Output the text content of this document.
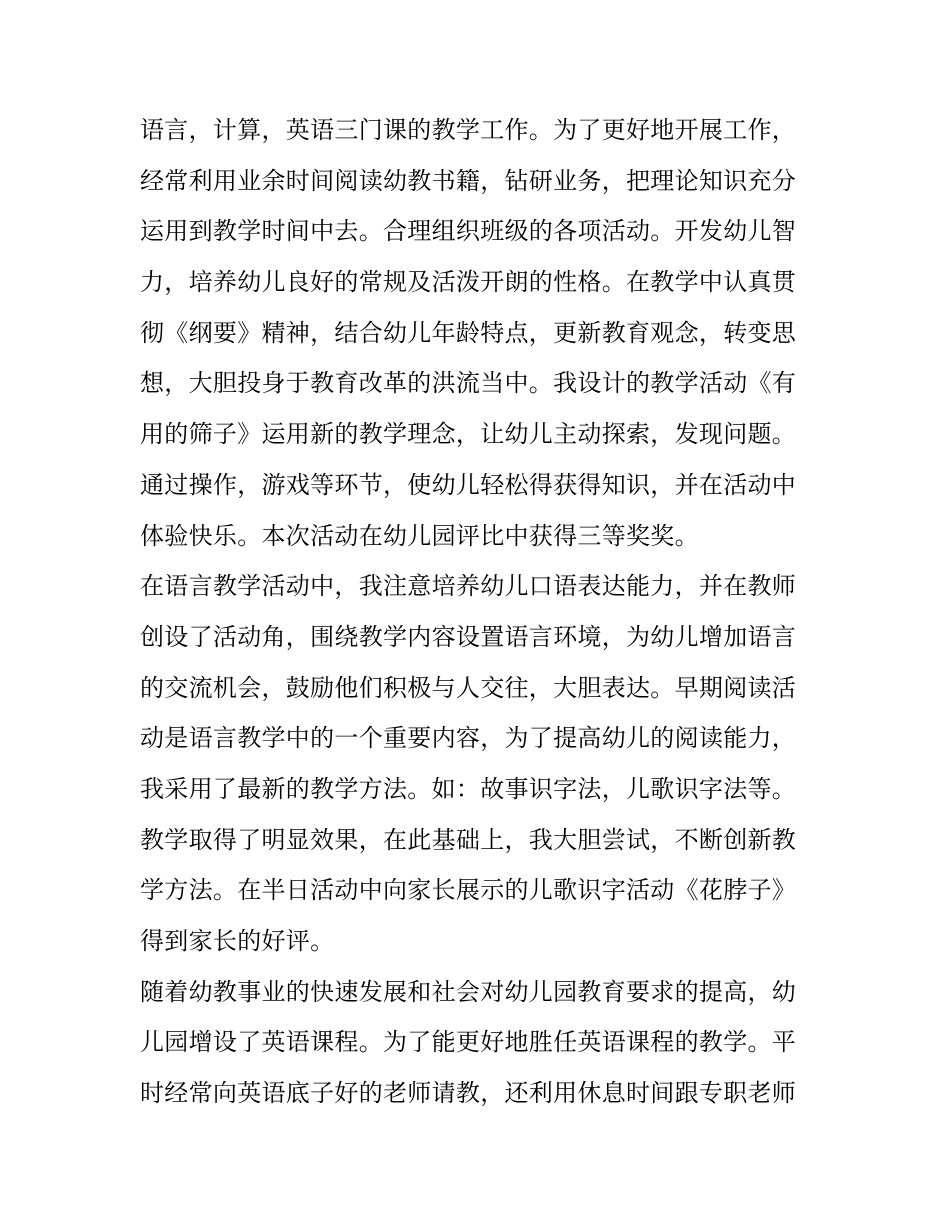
语言，计算，英语三门课的教学工作。为了更好地开展工作，
经常利用业余时间阅读幼教书籍，钻研业务，把理论知识充分
运用到教学时间中去。合理组织班级的各项活动。开发幼儿智
力，培养幼儿良好的常规及活泼开朗的性格。在教学中认真贯
彻《纲要》精神，结合幼儿年龄特点，更新教育观念，转变思
想，大胆投身于教育改革的洪流当中。我设计的教学活动《有
用的筛子》运用新的教学理念，让幼儿主动探索，发现问题。
通过操作，游戏等环节，使幼儿轻松得获得知识，并在活动中
体验快乐。本次活动在幼儿园评比中获得三等奖奖。
在语言教学活动中，我注意培养幼儿口语表达能力，并在教师
创设了活动角，围绕教学内容设置语言环境，为幼儿增加语言
的交流机会，鼓励他们积极与人交往，大胆表达。早期阅读活
动是语言教学中的一个重要内容，为了提高幼儿的阅读能力，
我采用了最新的教学方法。如：故事识字法，儿歌识字法等。
教学取得了明显效果，在此基础上，我大胆尝试，不断创新教
学方法。在半日活动中向家长展示的儿歌识字活动《花脖子》
得到家长的好评。
随着幼教事业的快速发展和社会对幼儿园教育要求的提高，幼
儿园增设了英语课程。为了能更好地胜任英语课程的教学。平
时经常向英语底子好的老师请教，还利用休息时间跟专职老师
